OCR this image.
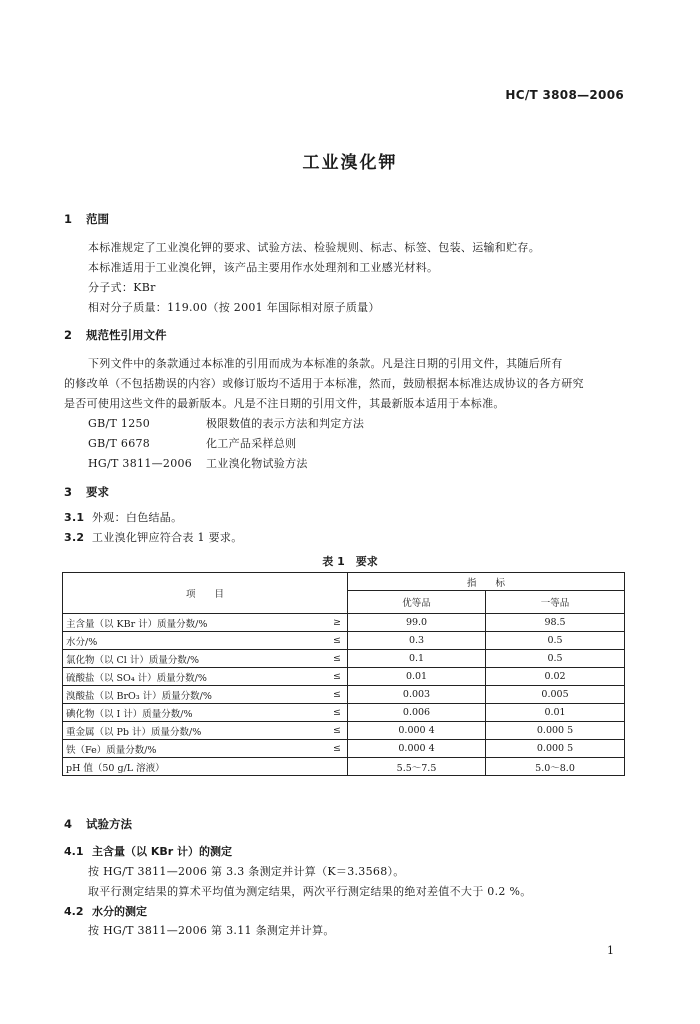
HC/T 3808—2006
工业溴化钾
1 范围
本标准规定了工业溴化钾的要求、试验方法、检验规则、标志、标签、包装、运输和贮存。
本标准适用于工业溴化钾，该产品主要用作水处理剂和工业感光材料。
分子式：KBr
相对分子质量：119.00（按 2001 年国际相对原子质量）
2 规范性引用文件
下列文件中的条款通过本标准的引用而成为本标准的条款。凡是注日期的引用文件，其随后所有
的修改单（不包括勘误的内容）或修订版均不适用于本标准，然而，鼓励根据本标准达成协议的各方研究
是否可使用这些文件的最新版本。凡是不注日期的引用文件，其最新版本适用于本标准。
GB/T 1250	极限数值的表示方法和判定方法
GB/T 6678	化工产品采样总则
HG/T 3811—2006 工业溴化物试验方法
3 要求
3.1 外观：白色结晶。
3.2 工业溴化钾应符合表 1 要求。
表 1　要求
项　　目		指　　标	
		优等品	一等品
主含量（以 KBr 计）质量分数/%	≥	99.0	98.5
水分/%	≤	0.3	0.5
氯化物（以 Cl 计）质量分数/%	≤	0.1	0.5
硫酸盐（以 SO₄ 计）质量分数/%	≤	0.01	0.02
溴酸盐（以 BrO₃ 计）质量分数/%	≤	0.003	0.005
碘化物（以 I 计）质量分数/%	≤	0.006	0.01
重金属（以 Pb 计）质量分数/%	≤	0.000 4	0.000 5
铁（Fe）质量分数/%	≤	0.000 4	0.000 5
pH 值（50 g/L 溶液）		5.5～7.5	5.0～8.0
4 试验方法
4.1 主含量（以 KBr 计）的测定
按 HG/T 3811—2006 第 3.3 条测定并计算（K＝3.3568）。
取平行测定结果的算术平均值为测定结果，两次平行测定结果的绝对差值不大于 0.2 %。
4.2 水分的测定
按 HG/T 3811—2006 第 3.11 条测定并计算。
1
